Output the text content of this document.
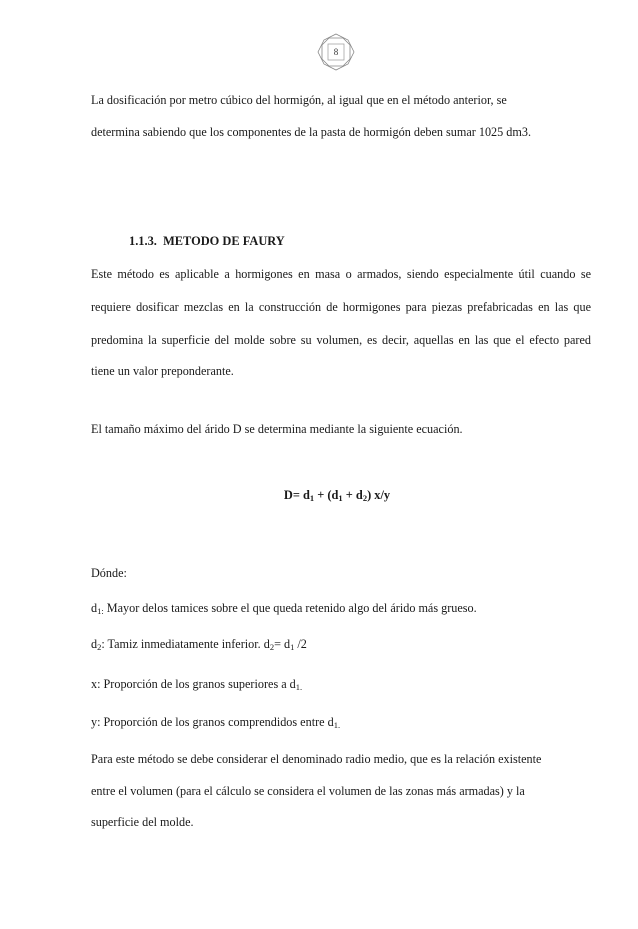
8
La dosificación por metro cúbico del hormigón, al igual que en el método anterior, se
determina sabiendo que los componentes de la pasta de hormigón deben sumar 1025 dm3.
1.1.3. METODO DE FAURY
Este método es aplicable a hormigones en masa o armados, siendo especialmente útil cuando se
requiere dosificar mezclas en la construcción de hormigones para piezas prefabricadas en las que
predomina la superficie del molde sobre su volumen, es decir, aquellas en las que el efecto pared
tiene un valor preponderante.
El tamaño máximo del árido D se determina mediante la siguiente ecuación.
$D= d_1 + (d_1 + d_2)$ x/y
Dónde:
$d_{1:}$ Mayor delos tamices sobre el que queda retenido algo del árido más grueso.
$d_2$: Tamiz inmediatamente inferior. $d_2= d_1$ /2
x: Proporción de los granos superiores a $d_{1.}$
y: Proporción de los granos comprendidos entre $d_{1.}$
Para este método se debe considerar el denominado radio medio, que es la relación existente
entre el volumen (para el cálculo se considera el volumen de las zonas más armadas) y la
superficie del molde.
